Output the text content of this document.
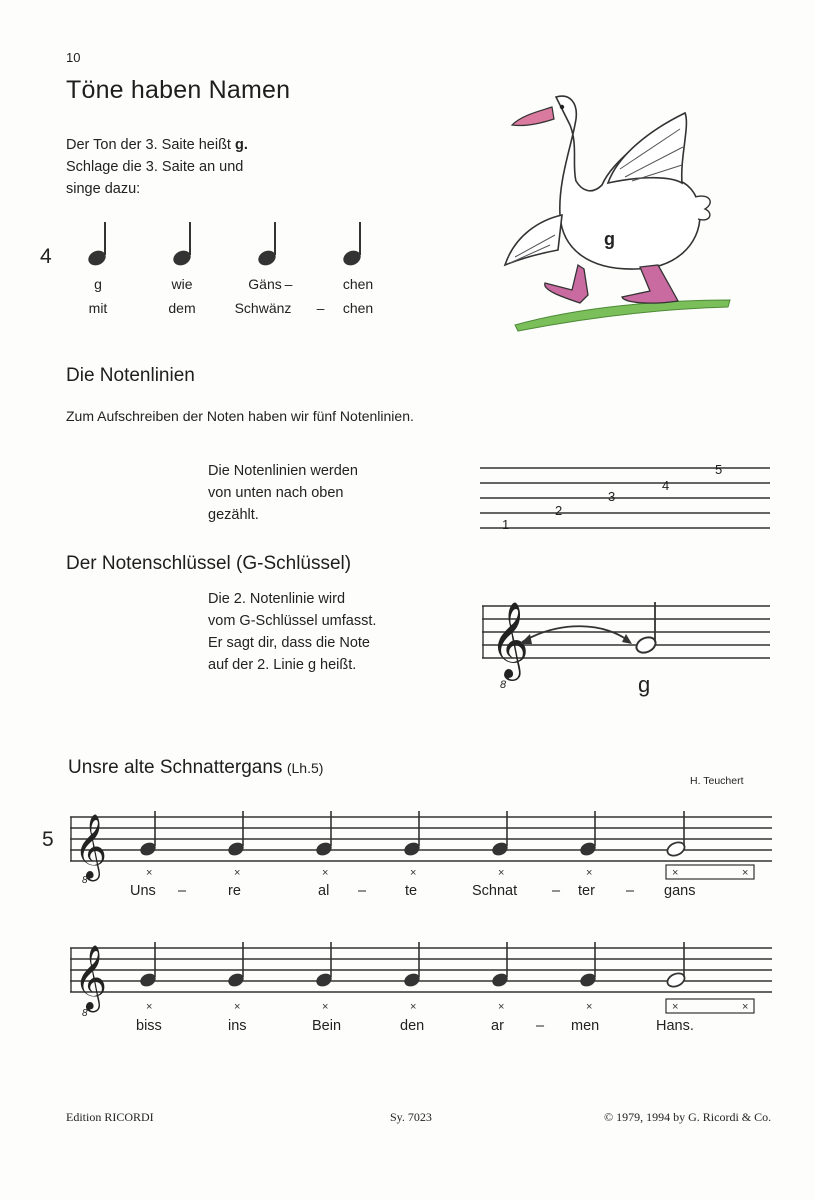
10
Töne haben Namen
Der Ton der 3. Saite heißt g.
Schlage die 3. Saite an und
singe dazu:
4
g	wie	Gäns –	chen
mit	dem	Schwänz	–	chen
g
Die Notenlinien
Zum Aufschreiben der Noten haben wir fünf Notenlinien.
Die Notenlinien werden
von unten nach oben
gezählt.
1
2
3
4
5
Der Notenschlüssel (G-Schlüssel)
Die 2. Notenlinie wird
vom G-Schlüssel umfasst.
Er sagt dir, dass die Note
auf der 2. Linie g heißt.	𝄞
8	g
Unsre alte Schnattergans (Lh.5)
H. Teuchert
5 𝄞
8
×	×	×	×	×	×	×	×
Uns –	re	al –	te	Schnat – ter – gans
𝄞
8
×	×	×	×	×	×	×	×
biss	ins	Bein	den	ar – men	Hans.
Edition RICORDI	Sy. 7023	© 1979, 1994 by G. Ricordi & Co.
